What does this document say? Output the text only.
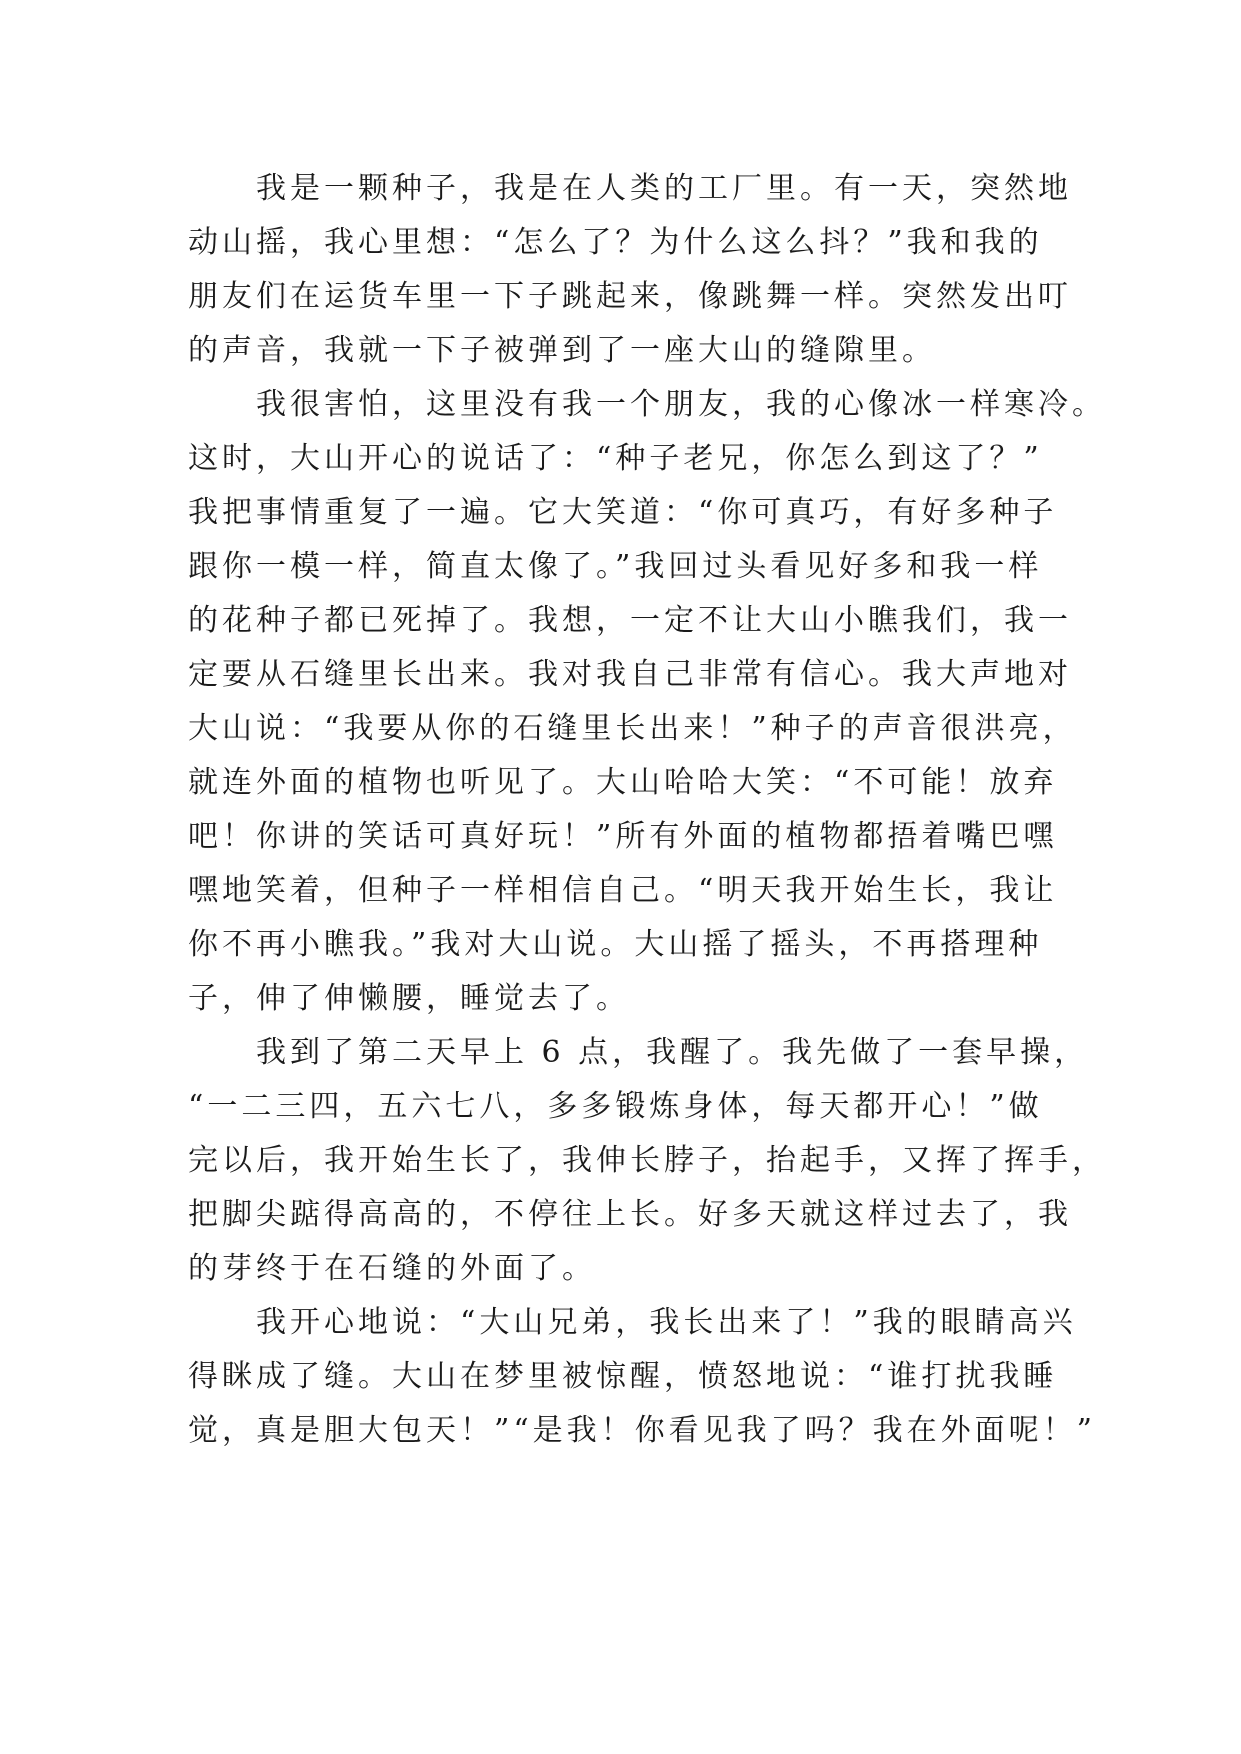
我是一颗种子，我是在人类的工厂里。有一天，突然地
动山摇，我心里想：“怎么了？为什么这么抖？”我和我的
朋友们在运货车里一下子跳起来，像跳舞一样。突然发出叮
的声音，我就一下子被弹到了一座大山的缝隙里。
我很害怕，这里没有我一个朋友，我的心像冰一样寒冷。
这时，大山开心的说话了：“种子老兄，你怎么到这了？”
我把事情重复了一遍。它大笑道：“你可真巧，有好多种子
跟你一模一样，简直太像了。”我回过头看见好多和我一样
的花种子都已死掉了。我想，一定不让大山小瞧我们，我一
定要从石缝里长出来。我对我自己非常有信心。我大声地对
大山说：“我要从你的石缝里长出来！”种子的声音很洪亮，
就连外面的植物也听见了。大山哈哈大笑：“不可能！放弃
吧！你讲的笑话可真好玩！”所有外面的植物都捂着嘴巴嘿
嘿地笑着，但种子一样相信自己。“明天我开始生长，我让
你不再小瞧我。”我对大山说。大山摇了摇头，不再搭理种
子，伸了伸懒腰，睡觉去了。
我到了第二天早上 6 点，我醒了。我先做了一套早操，
“一二三四，五六七八，多多锻炼身体，每天都开心！”做
完以后，我开始生长了，我伸长脖子，抬起手，又挥了挥手，
把脚尖踮得高高的，不停往上长。好多天就这样过去了，我
的芽终于在石缝的外面了。
我开心地说：“大山兄弟，我长出来了！”我的眼睛高兴
得眯成了缝。大山在梦里被惊醒，愤怒地说：“谁打扰我睡
觉，真是胆大包天！”“是我！你看见我了吗？我在外面呢！”
